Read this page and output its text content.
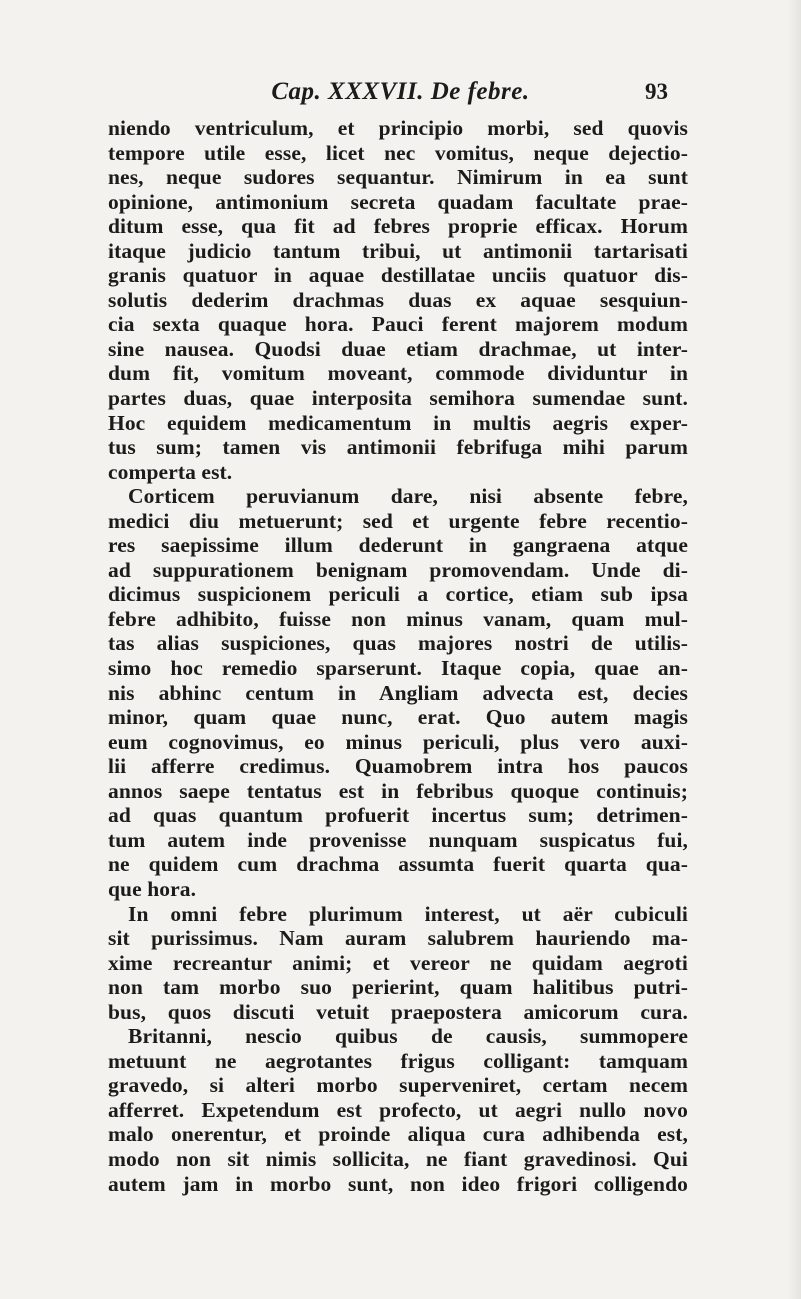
Cap. XXXVII. De febre.	93
niendo ventriculum, et principio morbi, sed quovis
tempore utile esse, licet nec vomitus, neque dejectio-
nes, neque sudores sequantur. Nimirum in ea sunt
opinione, antimonium secreta quadam facultate prae-
ditum esse, qua fit ad febres proprie efficax. Horum
itaque judicio tantum tribui, ut antimonii tartarisati
granis quatuor in aquae destillatae unciis quatuor dis-
solutis dederim drachmas duas ex aquae sesquiun-
cia sexta quaque hora. Pauci ferent majorem modum
sine nausea. Quodsi duae etiam drachmae, ut inter-
dum fit, vomitum moveant, commode dividuntur in
partes duas, quae interposita semihora sumendae sunt.
Hoc equidem medicamentum in multis aegris exper-
tus sum; tamen vis antimonii febrifuga mihi parum
comperta est.
Corticem peruvianum dare, nisi absente febre,
medici diu metuerunt; sed et urgente febre recentio-
res saepissime illum dederunt in gangraena atque
ad suppurationem benignam promovendam. Unde di-
dicimus suspicionem periculi a cortice, etiam sub ipsa
febre adhibito, fuisse non minus vanam, quam mul-
tas alias suspiciones, quas majores nostri de utilis-
simo hoc remedio sparserunt. Itaque copia, quae an-
nis abhinc centum in Angliam advecta est, decies
minor, quam quae nunc, erat. Quo autem magis
eum cognovimus, eo minus periculi, plus vero auxi-
lii afferre credimus. Quamobrem intra hos paucos
annos saepe tentatus est in febribus quoque continuis;
ad quas quantum profuerit incertus sum; detrimen-
tum autem inde provenisse nunquam suspicatus fui,
ne quidem cum drachma assumta fuerit quarta qua-
que hora.
In omni febre plurimum interest, ut aër cubiculi
sit purissimus. Nam auram salubrem hauriendo ma-
xime recreantur animi; et vereor ne quidam aegroti
non tam morbo suo perierint, quam halitibus putri-
bus, quos discuti vetuit praepostera amicorum cura.
Britanni, nescio quibus de causis, summopere
metuunt ne aegrotantes frigus colligant: tamquam
gravedo, si alteri morbo superveniret, certam necem
afferret. Expetendum est profecto, ut aegri nullo novo
malo onerentur, et proinde aliqua cura adhibenda est,
modo non sit nimis sollicita, ne fiant gravedinosi. Qui
autem jam in morbo sunt, non ideo frigori colligendo
